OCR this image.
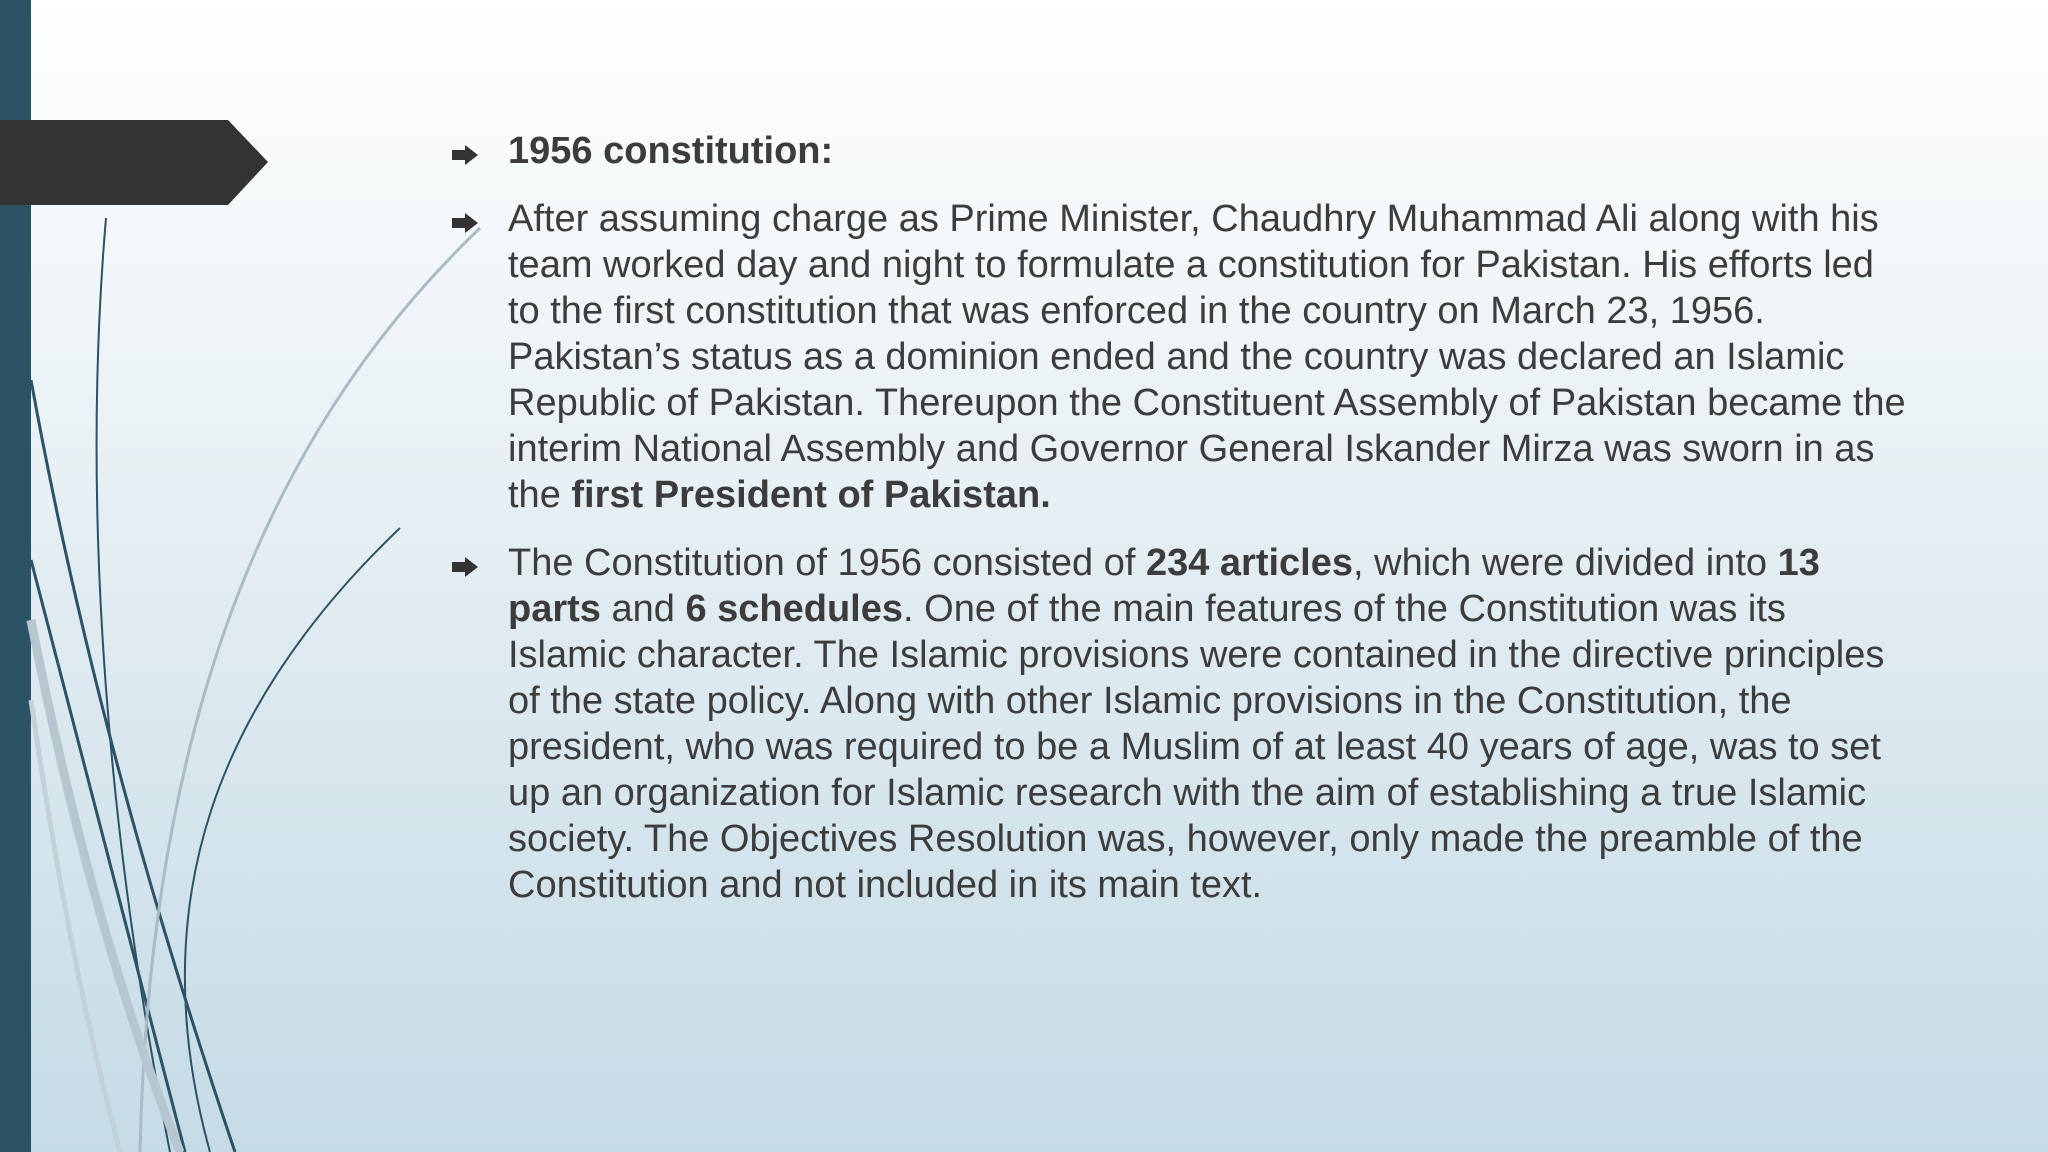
1956 constitution:
After assuming charge as Prime Minister, Chaudhry Muhammad Ali along with his team worked day and night to formulate a constitution for Pakistan. His efforts led to the first constitution that was enforced in the country on March 23, 1956. Pakistan’s status as a dominion ended and the country was declared an Islamic Republic of Pakistan. Thereupon the Constituent Assembly of Pakistan became the interim National Assembly and Governor General Iskander Mirza was sworn in as the first President of Pakistan.
The Constitution of 1956 consisted of 234 articles, which were divided into 13 parts and 6 schedules. One of the main features of the Constitution was its Islamic character. The Islamic provisions were contained in the directive principles of the state policy. Along with other Islamic provisions in the Constitution, the president, who was required to be a Muslim of at least 40 years of age, was to set up an organization for Islamic research with the aim of establishing a true Islamic society. The Objectives Resolution was, however, only made the preamble of the Constitution and not included in its main text.
